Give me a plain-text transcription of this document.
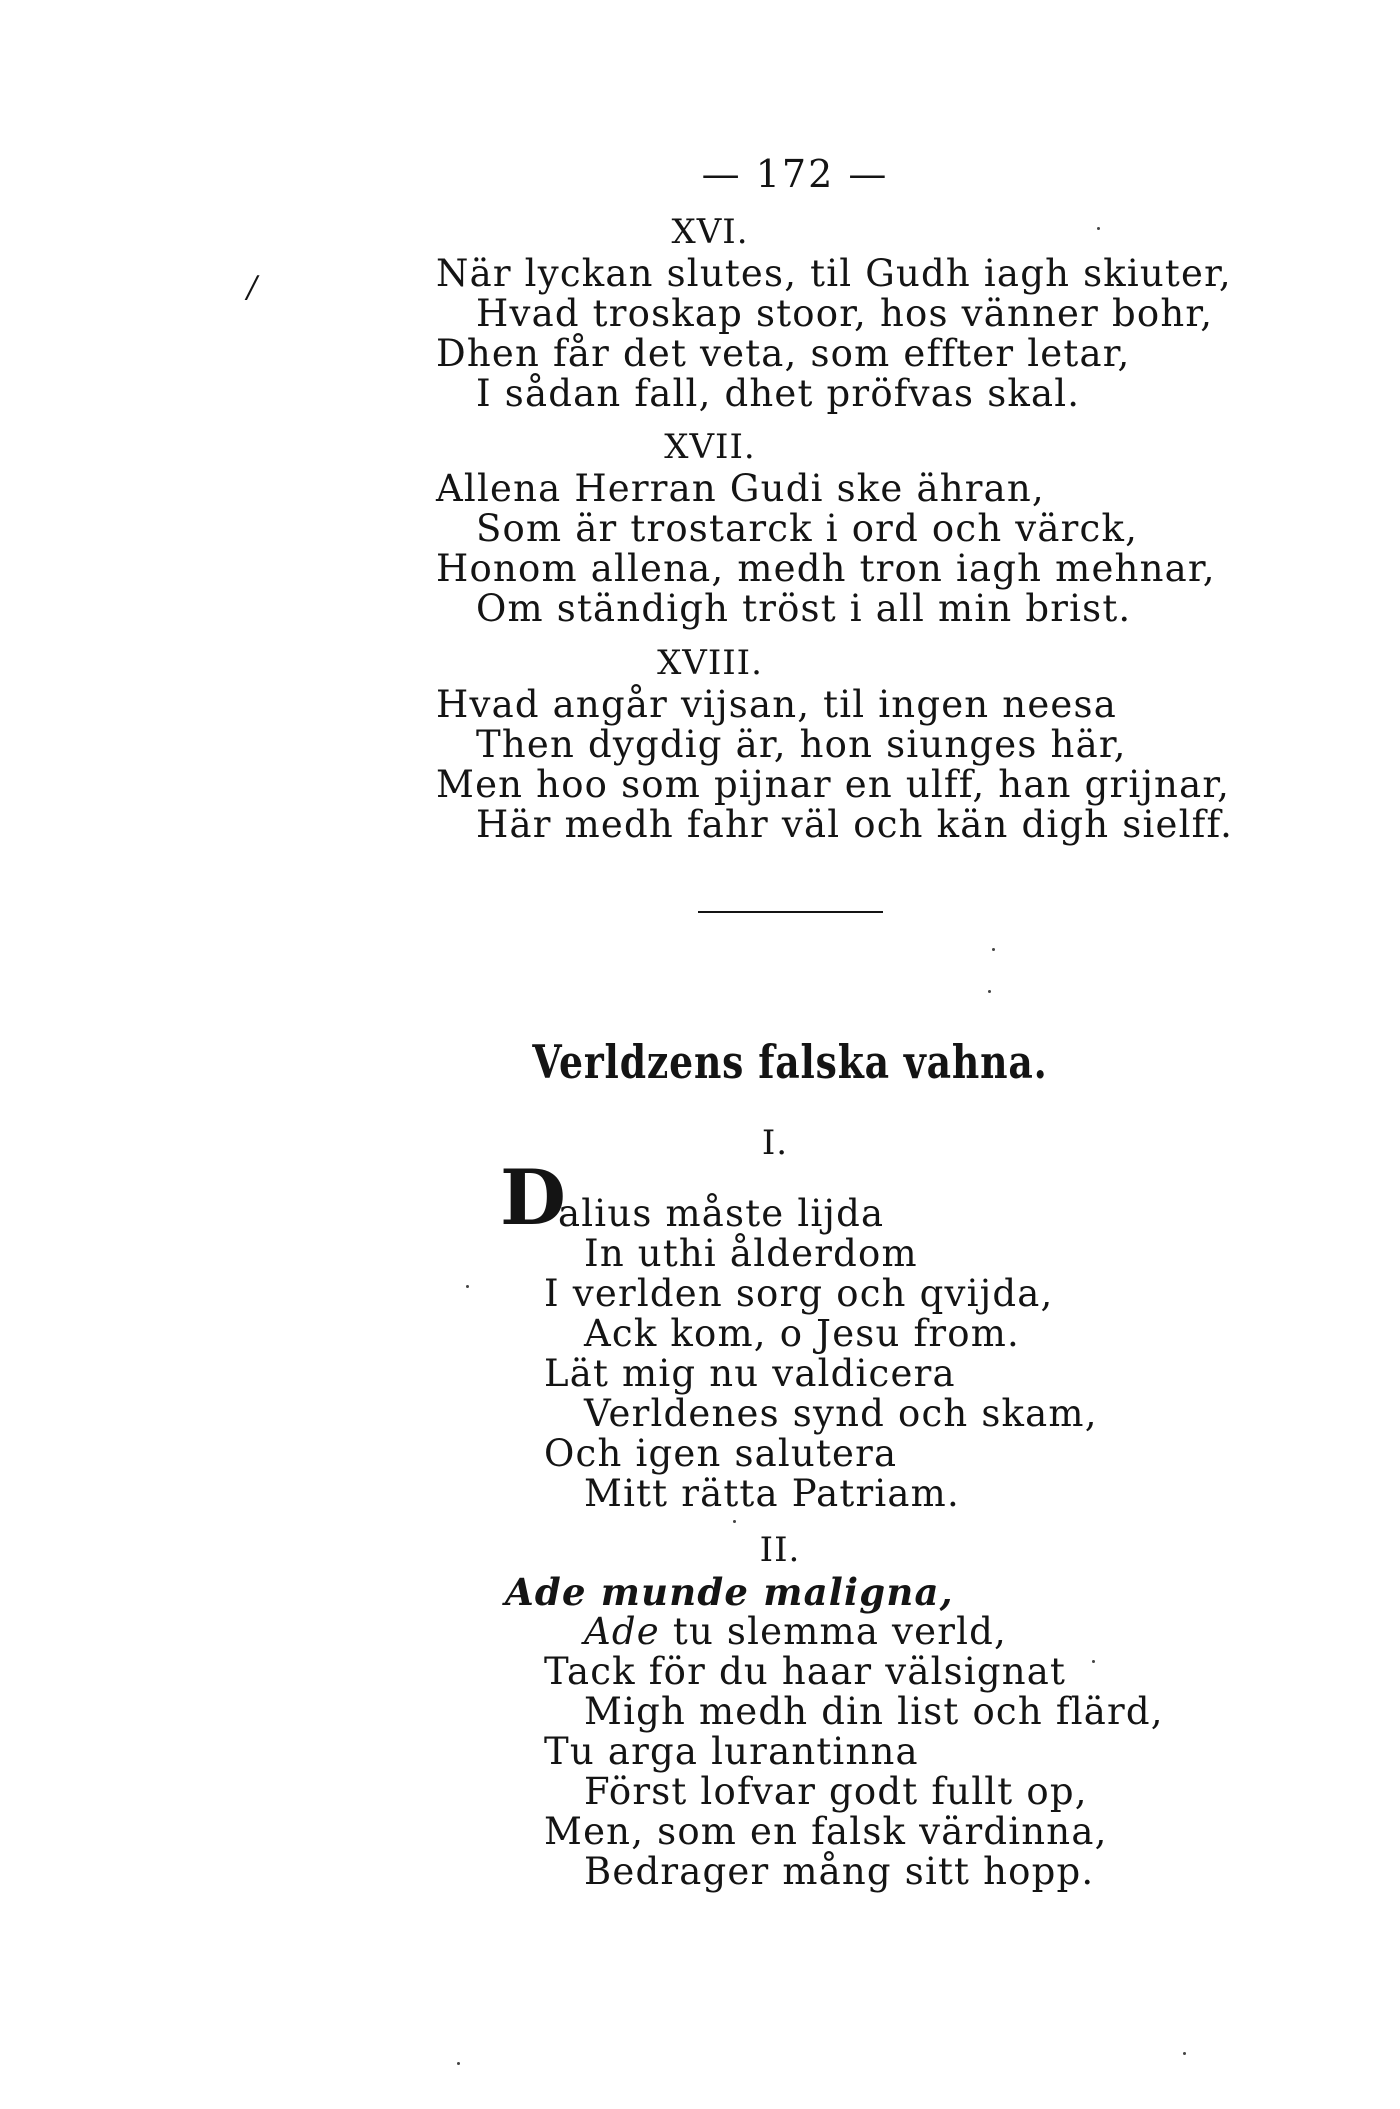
— 172 —
/
XVI.
När lyckan slutes, til Gudh iagh skiuter,
Hvad troskap stoor, hos vänner bohr,
Dhen får det veta, som effter letar,
I sådan fall, dhet pröfvas skal.
XVII.
Allena Herran Gudi ske ähran,
Som är trostarck i ord och värck,
Honom allena, medh tron iagh mehnar,
Om ständigh tröst i all min brist.
XVIII.
Hvad angår vijsan, til ingen neesa
Then dygdig är, hon siunges här,
Men hoo som pijnar en ulff, han grijnar,
Här medh fahr väl och kän digh sielff.
Verldzens falska vahna.
I.
D
alius måste lijda
In uthi ålderdom
I verlden sorg och qvijda,
Ack kom, o Jesu from.
Lät mig nu valdicera
Verldenes synd och skam,
Och igen salutera
Mitt rätta Patriam.
II.
Ade munde maligna,
Ade tu slemma verld,
Tack för du haar välsignat
Migh medh din list och flärd,
Tu arga lurantinna
Först lofvar godt fullt op,
Men, som en falsk värdinna,
Bedrager mång sitt hopp.
